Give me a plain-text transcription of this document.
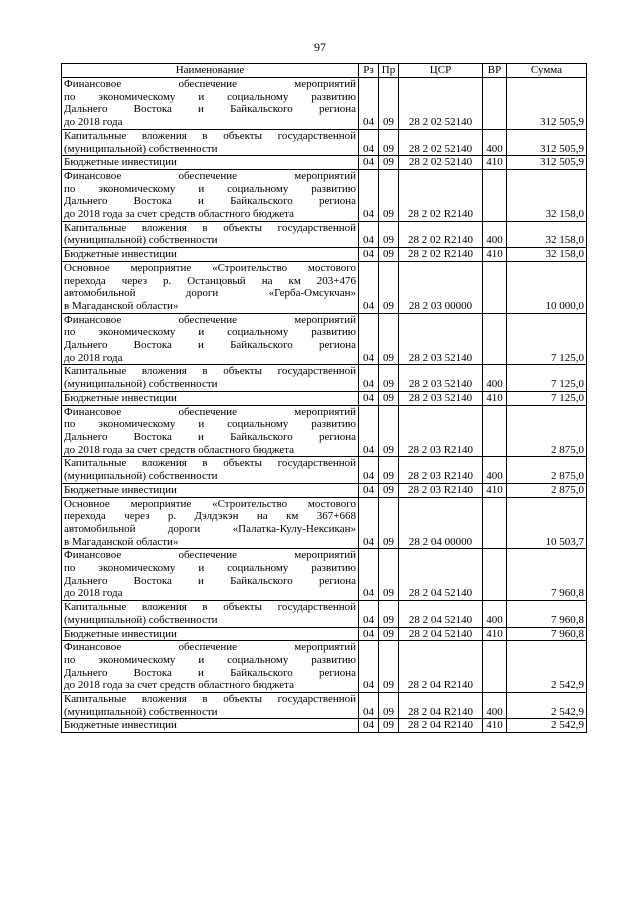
97
Наименование	Рз	Пр	ЦСР	ВР	Сумма

Финансовое обеспечение мероприятий
по экономическому и социальному развитию
Дальнего Востока и Байкальского региона
до 2018 года	04	09	28 2 02 52140		312 505,9

Капитальные вложения в объекты государственной
(муниципальной) собственности	04	09	28 2 02 52140	400	312 505,9

Бюджетные инвестиции	04	09	28 2 02 52140	410	312 505,9

Финансовое обеспечение мероприятий
по экономическому и социальному развитию
Дальнего Востока и Байкальского региона
до 2018 года за счет средств областного бюджета	04	09	28 2 02 R2140		32 158,0

Капитальные вложения в объекты государственной
(муниципальной) собственности	04	09	28 2 02 R2140	400	32 158,0

Бюджетные инвестиции	04	09	28 2 02 R2140	410	32 158,0

Основное мероприятие «Строительство мостового
перехода через р. Останцовый на км 203+476
автомобильной дороги «Герба-Омсукчан»
в Магаданской области»	04	09	28 2 03 00000		10 000,0

Финансовое обеспечение мероприятий
по экономическому и социальному развитию
Дальнего Востока и Байкальского региона
до 2018 года	04	09	28 2 03 52140		7 125,0

Капитальные вложения в объекты государственной
(муниципальной) собственности	04	09	28 2 03 52140	400	7 125,0

Бюджетные инвестиции	04	09	28 2 03 52140	410	7 125,0

Финансовое обеспечение мероприятий
по экономическому и социальному развитию
Дальнего Востока и Байкальского региона
до 2018 года за счет средств областного бюджета	04	09	28 2 03 R2140		2 875,0

Капитальные вложения в объекты государственной
(муниципальной) собственности	04	09	28 2 03 R2140	400	2 875,0

Бюджетные инвестиции	04	09	28 2 03 R2140	410	2 875,0

Основное мероприятие «Строительство мостового
перехода через р. Дэлдэкэн на км 367+668
автомобильной дороги «Палатка-Кулу-Нексикан»
в Магаданской области»	04	09	28 2 04 00000		10 503,7

Финансовое обеспечение мероприятий
по экономическому и социальному развитию
Дальнего Востока и Байкальского региона
до 2018 года	04	09	28 2 04 52140		7 960,8

Капитальные вложения в объекты государственной
(муниципальной) собственности	04	09	28 2 04 52140	400	7 960,8

Бюджетные инвестиции	04	09	28 2 04 52140	410	7 960,8

Финансовое обеспечение мероприятий
по экономическому и социальному развитию
Дальнего Востока и Байкальского региона
до 2018 года за счет средств областного бюджета	04	09	28 2 04 R2140		2 542,9

Капитальные вложения в объекты государственной
(муниципальной) собственности	04	09	28 2 04 R2140	400	2 542,9

Бюджетные инвестиции	04	09	28 2 04 R2140	410	2 542,9
